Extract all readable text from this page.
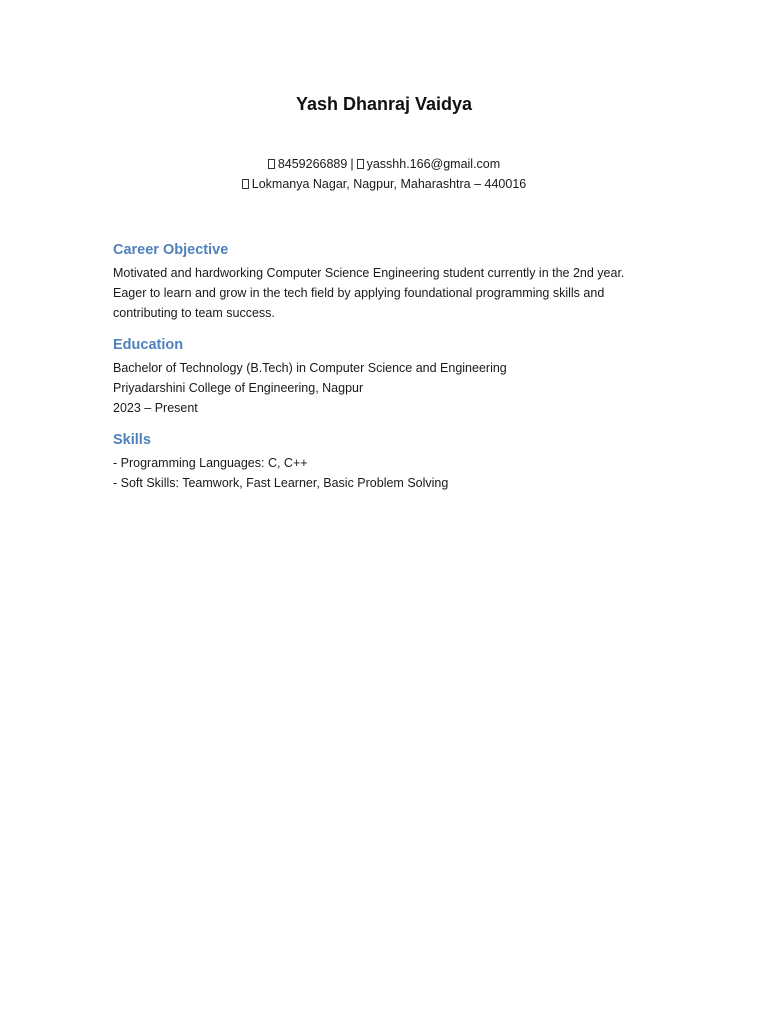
Yash Dhanraj Vaidya
8459266889 | yasshh.166@gmail.com
Lokmanya Nagar, Nagpur, Maharashtra – 440016
Career Objective
Motivated and hardworking Computer Science Engineering student currently in the 2nd year.
Eager to learn and grow in the tech field by applying foundational programming skills and
contributing to team success.
Education
Bachelor of Technology (B.Tech) in Computer Science and Engineering
Priyadarshini College of Engineering, Nagpur
2023 – Present
Skills
- Programming Languages: C, C++
- Soft Skills: Teamwork, Fast Learner, Basic Problem Solving
